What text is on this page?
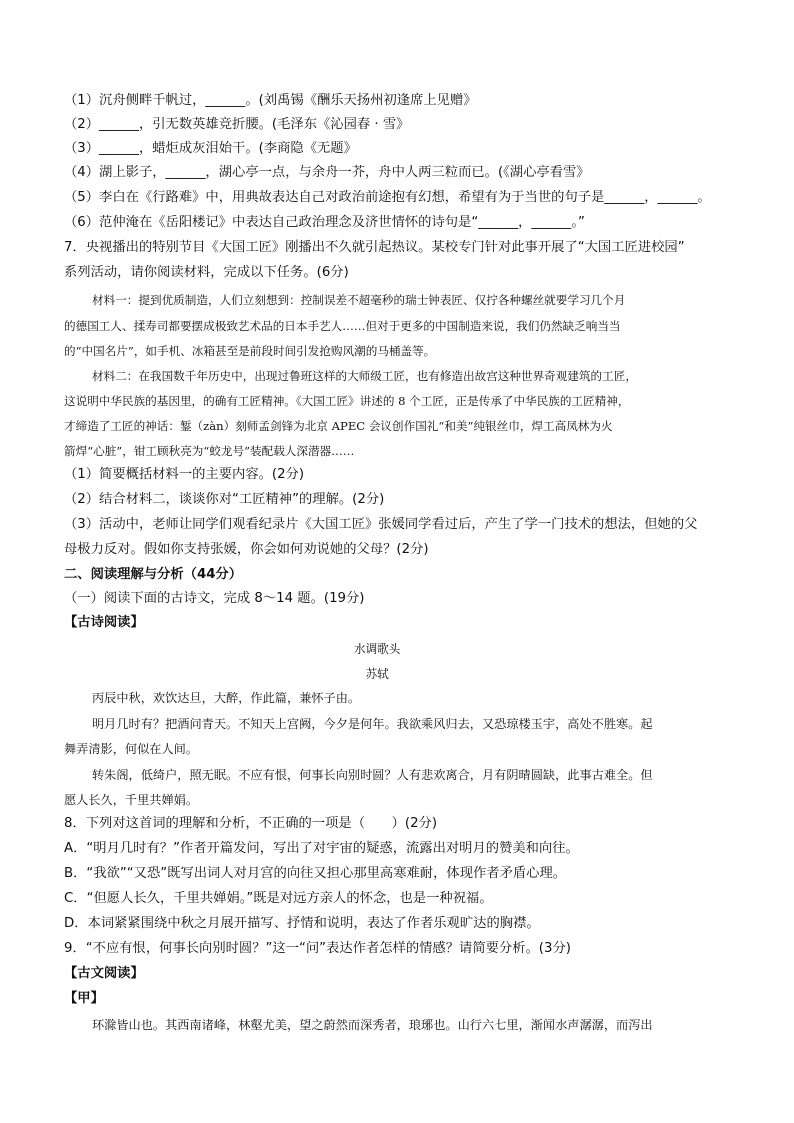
（1）沉舟侧畔千帆过，______。(刘禹锡《酬乐天扬州初逢席上见赠》
（2）______，引无数英雄竞折腰。(毛泽东《沁园春 · 雪》
（3）______，蜡炬成灰泪始干。(李商隐《无题》
（4）湖上影子，______，湖心亭一点，与余舟一芥，舟中人两三粒而已。(《湖心亭看雪》
（5）李白在《行路难》中，用典故表达自己对政治前途抱有幻想，希望有为于当世的句子是______，______。
（6）范仲淹在《岳阳楼记》中表达自己政治理念及济世情怀的诗句是“______，______。”
7．央视播出的特别节目《大国工匠》刚播出不久就引起热议。某校专门针对此事开展了“大国工匠进校园”
系列活动，请你阅读材料，完成以下任务。(6分)
材料一：提到优质制造，人们立刻想到：控制误差不超毫秒的瑞士钟表匠、仅拧各种螺丝就要学习几个月
的德国工人、揉寿司都要摆成极致艺术品的日本手艺人……但对于更多的中国制造来说，我们仍然缺乏响当当
的“中国名片”，如手机、冰箱甚至是前段时间引发抢购风潮的马桶盖等。
材料二：在我国数千年历史中，出现过鲁班这样的大师级工匠，也有修造出故宫这种世界奇观建筑的工匠，
这说明中华民族的基因里，的确有工匠精神。《大国工匠》讲述的 8 个工匠，正是传承了中华民族的工匠精神，
才缔造了工匠的神话：錾（zàn）刻师孟剑锋为北京 APEC 会议创作国礼“和美”纯银丝巾，焊工高凤林为火
箭焊“心脏”，钳工顾秋亮为“蛟龙号”装配载人深潜器……
（1）简要概括材料一的主要内容。(2分)
（2）结合材料二，谈谈你对“工匠精神”的理解。(2分)
（3）活动中，老师让同学们观看纪录片《大国工匠》张媛同学看过后，产生了学一门技术的想法，但她的父
母极力反对。假如你支持张媛，你会如何劝说她的父母？(2分)
二、阅读理解与分析（44分）
（一）阅读下面的古诗文，完成 8～14 题。(19分)
【古诗阅读】
水调歌头
苏轼
丙辰中秋，欢饮达旦，大醉，作此篇，兼怀子由。
明月几时有？把酒问青天。不知天上宫阙，今夕是何年。我欲乘风归去，又恐琼楼玉宇，高处不胜寒。起
舞弄清影，何似在人间。
转朱阁，低绮户，照无眠。不应有恨，何事长向别时圆？人有悲欢离合，月有阴晴圆缺，此事古难全。但
愿人长久，千里共婵娟。
8．下列对这首词的理解和分析，不正确的一项是（　　）(2分)
A．“明月几时有？”作者开篇发问，写出了对宇宙的疑惑，流露出对明月的赞美和向往。
B．“我欲”“又恐”既写出词人对月宫的向往又担心那里高寒难耐，体现作者矛盾心理。
C．“但愿人长久，千里共婵娟。”既是对远方亲人的怀念，也是一种祝福。
D．本词紧紧围绕中秋之月展开描写、抒情和说明，表达了作者乐观旷达的胸襟。
9．“不应有恨，何事长向别时圆？”这一“问”表达作者怎样的情感？请简要分析。(3分)
【古文阅读】
【甲】
环滁皆山也。其西南诸峰，林壑尤美，望之蔚然而深秀者，琅琊也。山行六七里，渐闻水声潺潺，而泻出
